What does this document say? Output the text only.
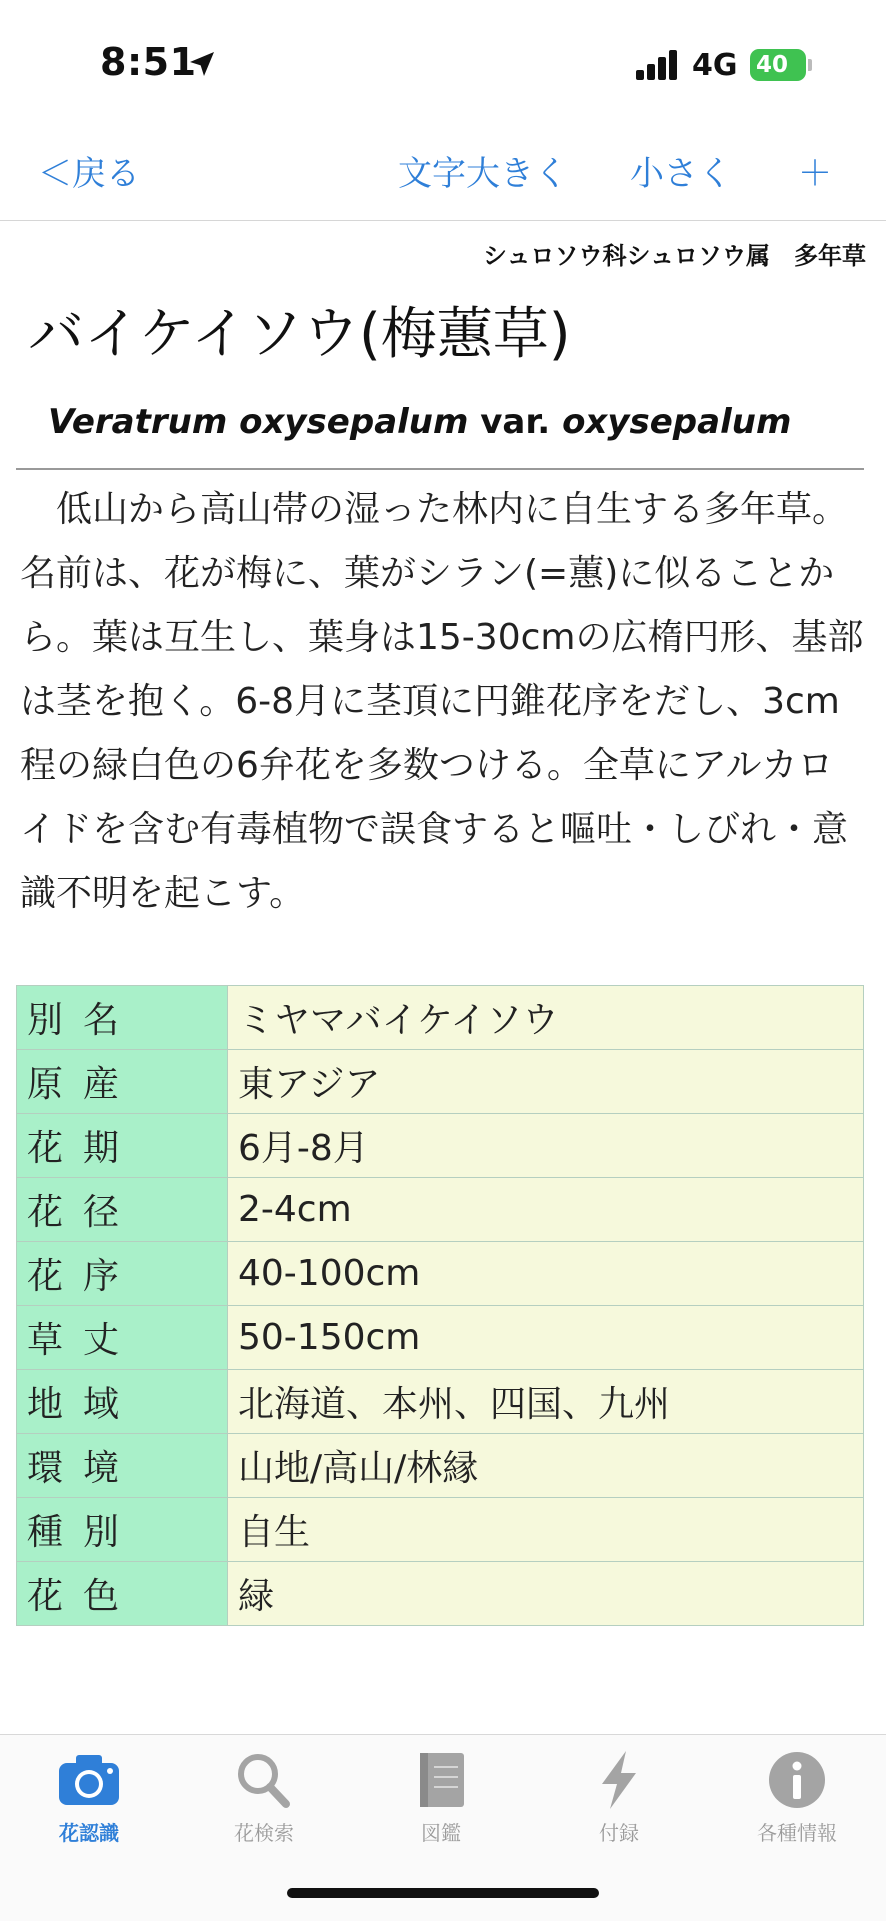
8:51	4G 40
＜戻る	文字大きく 小さく ＋
シュロソウ科シュロソウ属　多年草
バイケイソウ(梅蕙草)
Veratrum oxysepalum var. oxysepalum

低山から高山帯の湿った林内に自生する多年草。名前は、花が梅に、葉がシラン(=蕙)に似ることから。葉は互生し、葉身は15-30cmの広楕円形、基部は茎を抱く。6-8月に茎頂に円錐花序をだし、3cm程の緑白色の6弁花を多数つける。全草にアルカロイドを含む有毒植物で誤食すると嘔吐・しびれ・意識不明を起こす。

別名	ミヤマバイケイソウ
原産	東アジア
花期	6月-8月
花径	2-4cm
花序	40-100cm
草丈	50-150cm
地域	北海道、本州、四国、九州
環境	山地/高山/林縁
種別	自生
花色	緑
花認識	花検索	図鑑	付録	各種情報
